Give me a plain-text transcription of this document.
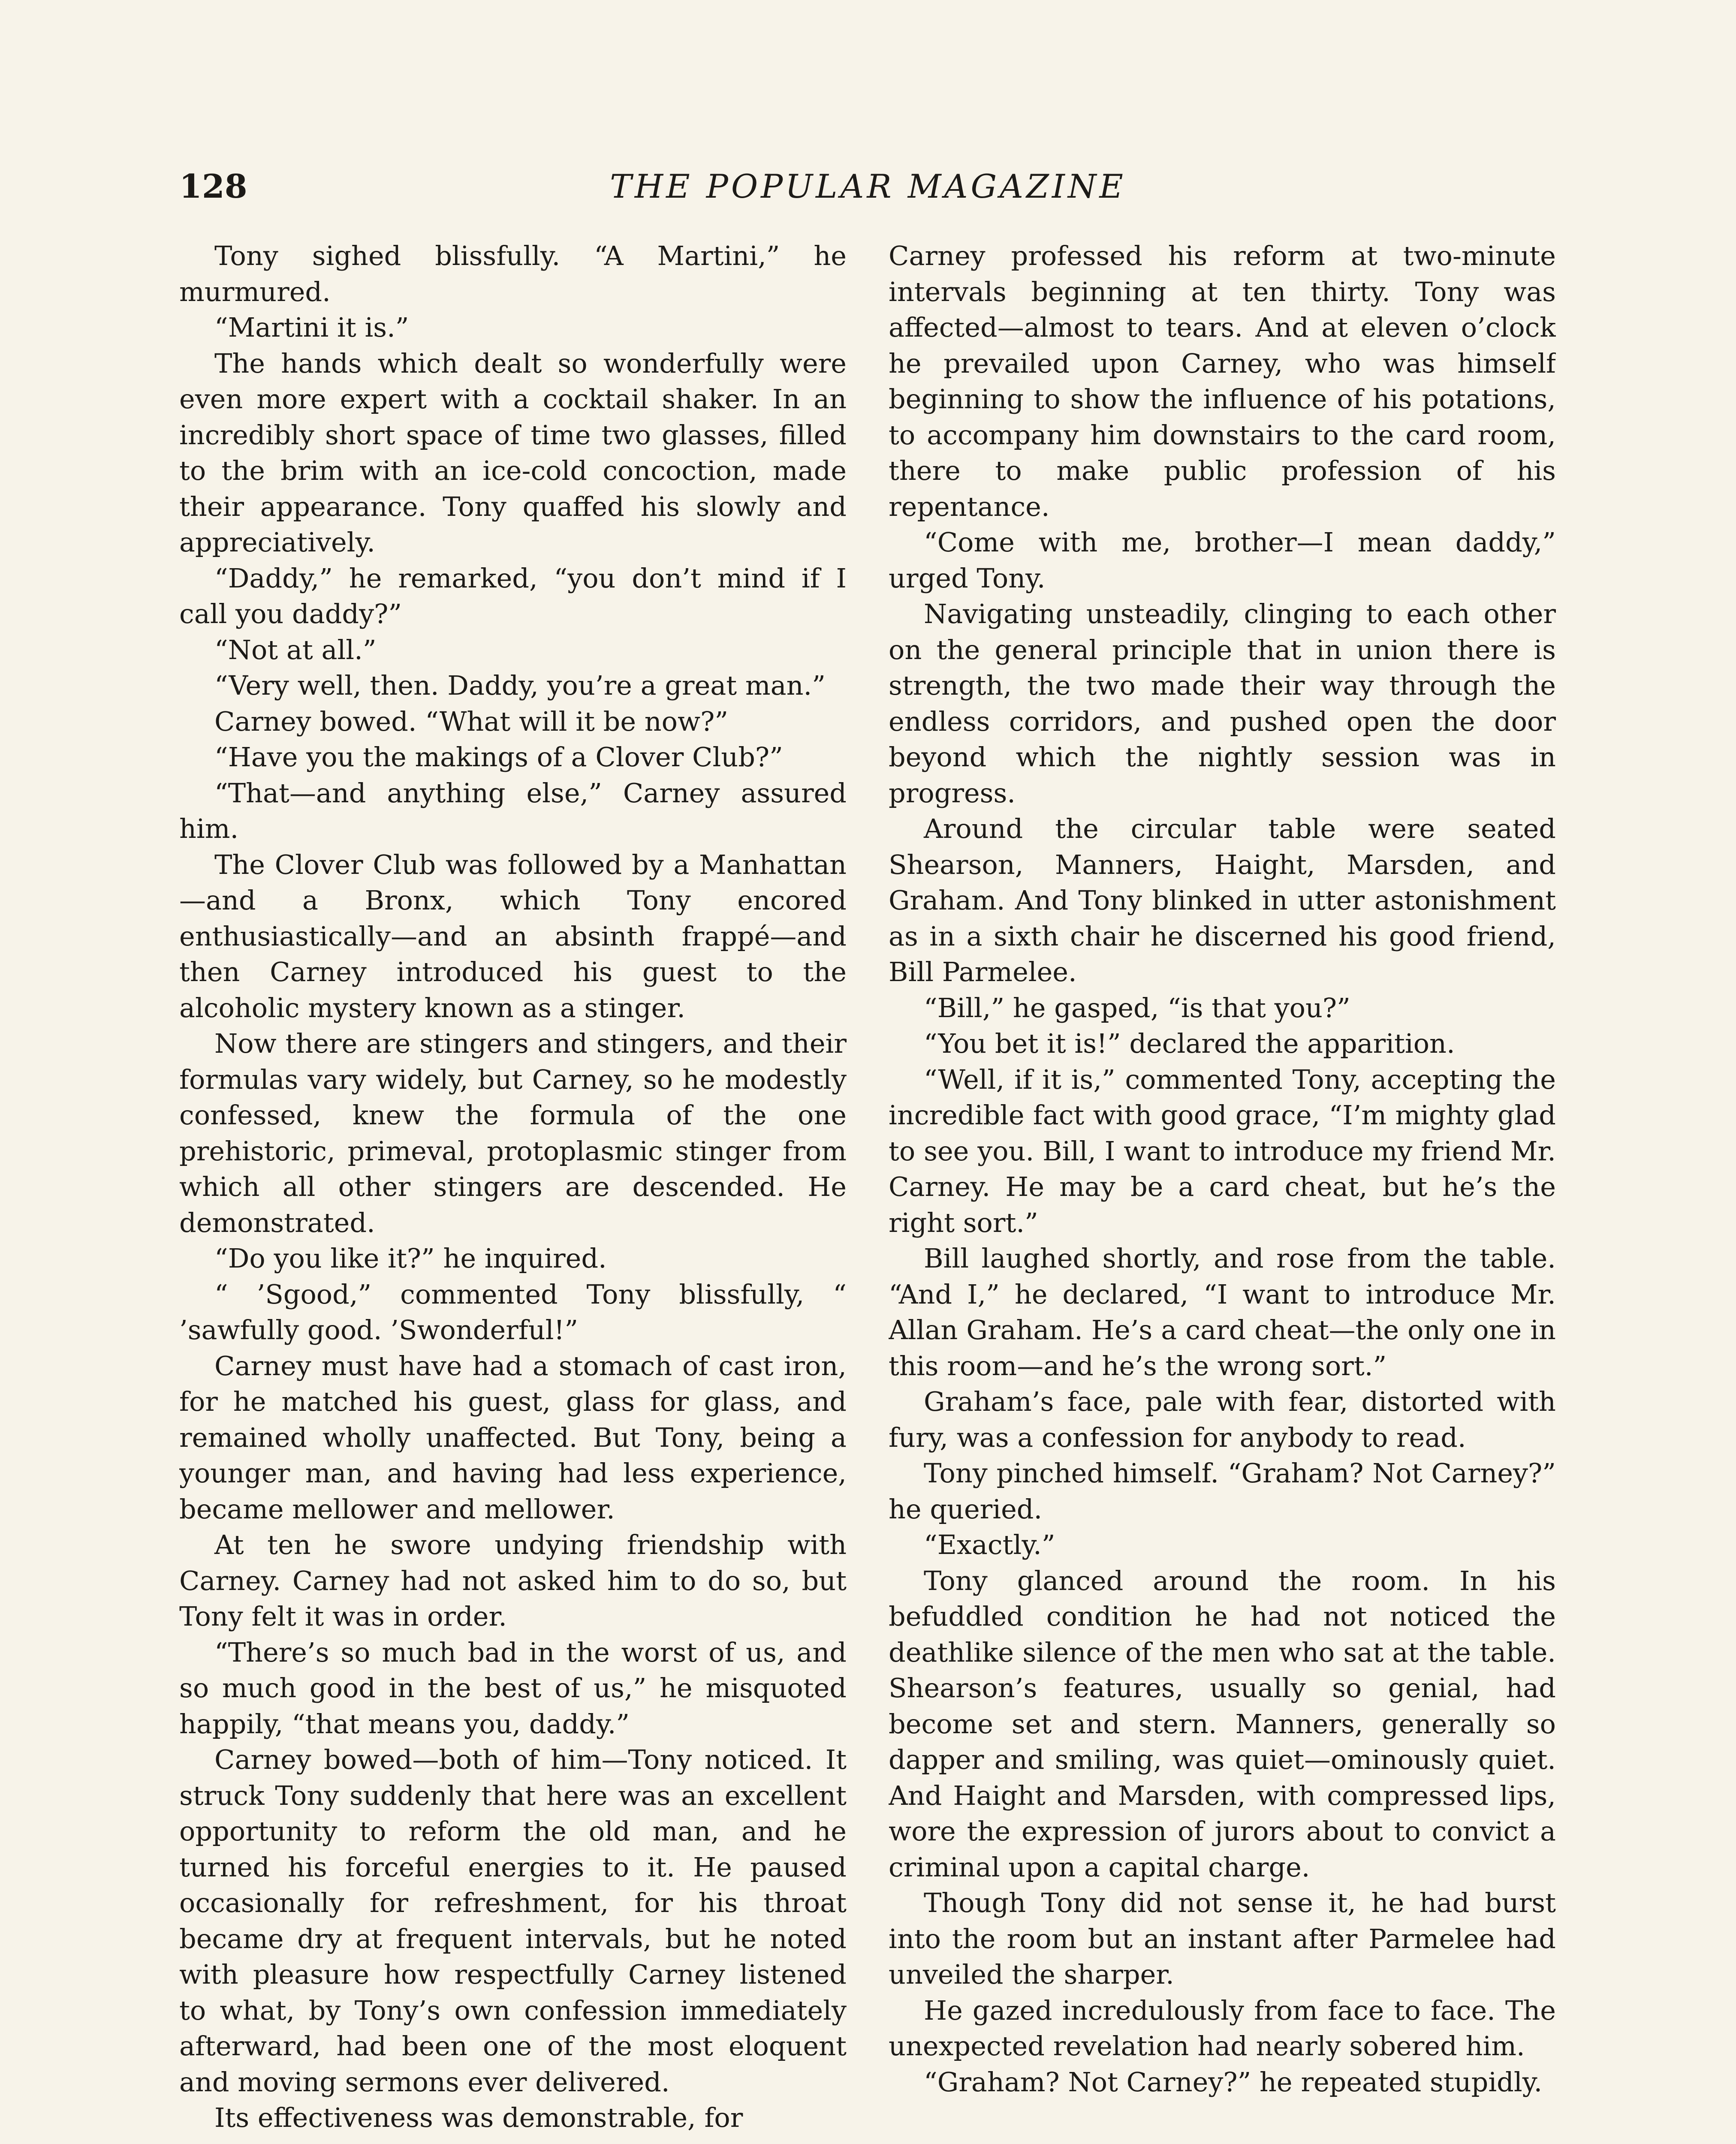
128	THE POPULAR MAGAZINE

Tony sighed blissfully. “A Martini,” he murmured.

“Martini it is.”

The hands which dealt so wonderfully were even more expert with a cocktail shaker. In an incredibly short space of time two glasses, filled to the brim with an ice-cold concoction, made their appearance. Tony quaffed his slowly and appreciatively.

“Daddy,” he remarked, “you don’t mind if I call you daddy?”

“Not at all.”

“Very well, then. Daddy, you’re a great man.”

Carney bowed. “What will it be now?”

“Have you the makings of a Clover Club?”

“That—and anything else,” Carney assured him.

The Clover Club was followed by a Manhattan—and a Bronx, which Tony encored enthusiastically—and an absinth frappé—and then Carney introduced his guest to the alcoholic mystery known as a stinger.

Now there are stingers and stingers, and their formulas vary widely, but Carney, so he modestly confessed, knew the formula of the one prehistoric, primeval, protoplasmic stinger from which all other stingers are descended. He demonstrated.

“Do you like it?” he inquired.

“ ’Sgood,” commented Tony blissfully, “ ’sawfully good. ’Swonderful!”

Carney must have had a stomach of cast iron, for he matched his guest, glass for glass, and remained wholly unaffected. But Tony, being a younger man, and having had less experience, became mellower and mellower.

At ten he swore undying friendship with Carney. Carney had not asked him to do so, but Tony felt it was in order.

“There’s so much bad in the worst of us, and so much good in the best of us,” he misquoted happily, “that means you, daddy.”

Carney bowed—both of him—Tony noticed. It struck Tony suddenly that here was an excellent opportunity to reform the old man, and he turned his forceful energies to it. He paused occasionally for refreshment, for his throat became dry at frequent intervals, but he noted with pleasure how respectfully Carney listened to what, by Tony’s own confession immediately afterward, had been one of the most eloquent and moving sermons ever delivered.

Its effectiveness was demonstrable, for

Carney professed his reform at two-minute intervals beginning at ten thirty. Tony was affected—almost to tears. And at eleven o’clock he prevailed upon Carney, who was himself beginning to show the influence of his potations, to accompany him downstairs to the card room, there to make public profession of his repentance.

“Come with me, brother—I mean daddy,” urged Tony.

Navigating unsteadily, clinging to each other on the general principle that in union there is strength, the two made their way through the endless corridors, and pushed open the door beyond which the nightly session was in progress.

Around the circular table were seated Shearson, Manners, Haight, Marsden, and Graham. And Tony blinked in utter astonishment as in a sixth chair he discerned his good friend, Bill Parmelee.

“Bill,” he gasped, “is that you?”

“You bet it is!” declared the apparition.

“Well, if it is,” commented Tony, accepting the incredible fact with good grace, “I’m mighty glad to see you. Bill, I want to introduce my friend Mr. Carney. He may be a card cheat, but he’s the right sort.”

Bill laughed shortly, and rose from the table. “And I,” he declared, “I want to introduce Mr. Allan Graham. He’s a card cheat—the only one in this room—and he’s the wrong sort.”

Graham’s face, pale with fear, distorted with fury, was a confession for anybody to read.

Tony pinched himself. “Graham? Not Carney?” he queried.

“Exactly.”

Tony glanced around the room. In his befuddled condition he had not noticed the deathlike silence of the men who sat at the table. Shearson’s features, usually so genial, had become set and stern. Manners, generally so dapper and smiling, was quiet—ominously quiet. And Haight and Marsden, with compressed lips, wore the expression of jurors about to convict a criminal upon a capital charge.

Though Tony did not sense it, he had burst into the room but an instant after Parmelee had unveiled the sharper.

He gazed incredulously from face to face. The unexpected revelation had nearly sobered him.

“Graham? Not Carney?” he repeated stupidly.
